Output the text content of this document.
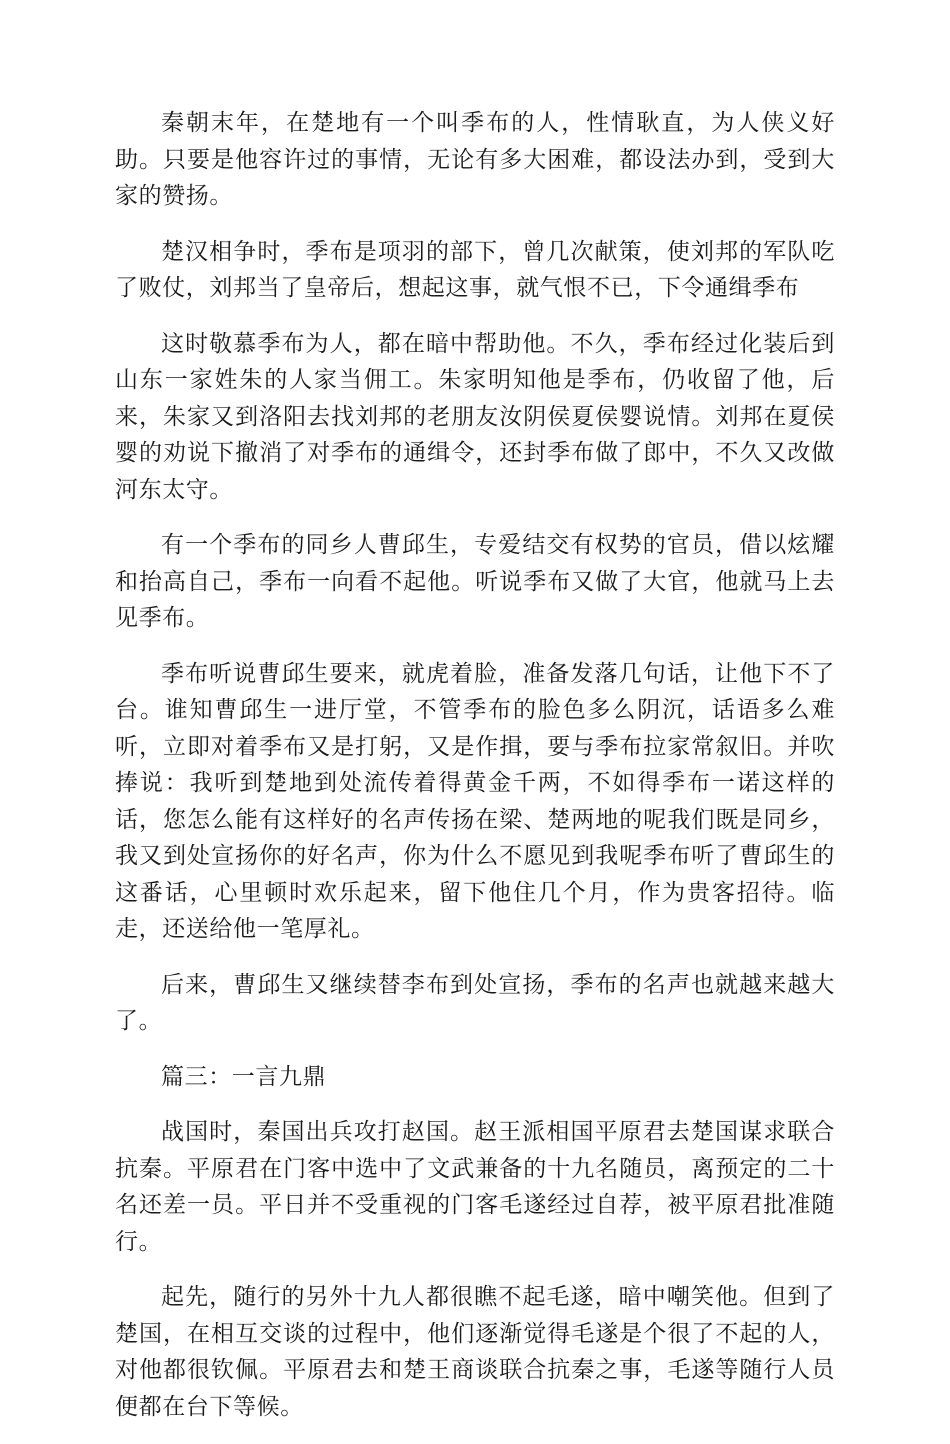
秦朝末年，在楚地有一个叫季布的人，性情耿直，为人侠义好助。只要是他容许过的事情，无论有多大困难，都设法办到，受到大家的赞扬。

楚汉相争时，季布是项羽的部下，曾几次献策，使刘邦的军队吃了败仗，刘邦当了皇帝后，想起这事，就气恨不已，下令通缉季布

这时敬慕季布为人，都在暗中帮助他。不久，季布经过化装后到山东一家姓朱的人家当佣工。朱家明知他是季布，仍收留了他，后来，朱家又到洛阳去找刘邦的老朋友汝阴侯夏侯婴说情。刘邦在夏侯婴的劝说下撤消了对季布的通缉令，还封季布做了郎中，不久又改做河东太守。

有一个季布的同乡人曹邱生，专爱结交有权势的官员，借以炫耀和抬高自己，季布一向看不起他。听说季布又做了大官，他就马上去见季布。

季布听说曹邱生要来，就虎着脸，准备发落几句话，让他下不了台。谁知曹邱生一进厅堂，不管季布的脸色多么阴沉，话语多么难听，立即对着季布又是打躬，又是作揖，要与季布拉家常叙旧。并吹捧说：我听到楚地到处流传着得黄金千两，不如得季布一诺这样的话，您怎么能有这样好的名声传扬在梁、楚两地的呢我们既是同乡，我又到处宣扬你的好名声，你为什么不愿见到我呢季布听了曹邱生的这番话，心里顿时欢乐起来，留下他住几个月，作为贵客招待。临走，还送给他一笔厚礼。

后来，曹邱生又继续替李布到处宣扬，季布的名声也就越来越大了。

篇三：一言九鼎

战国时，秦国出兵攻打赵国。赵王派相国平原君去楚国谋求联合抗秦。平原君在门客中选中了文武兼备的十九名随员，离预定的二十名还差一员。平日并不受重视的门客毛遂经过自荐，被平原君批准随行。

起先，随行的另外十九人都很瞧不起毛遂，暗中嘲笑他。但到了楚国，在相互交谈的过程中，他们逐渐觉得毛遂是个很了不起的人，对他都很钦佩。平原君去和楚王商谈联合抗秦之事，毛遂等随行人员便都在台下等候。
